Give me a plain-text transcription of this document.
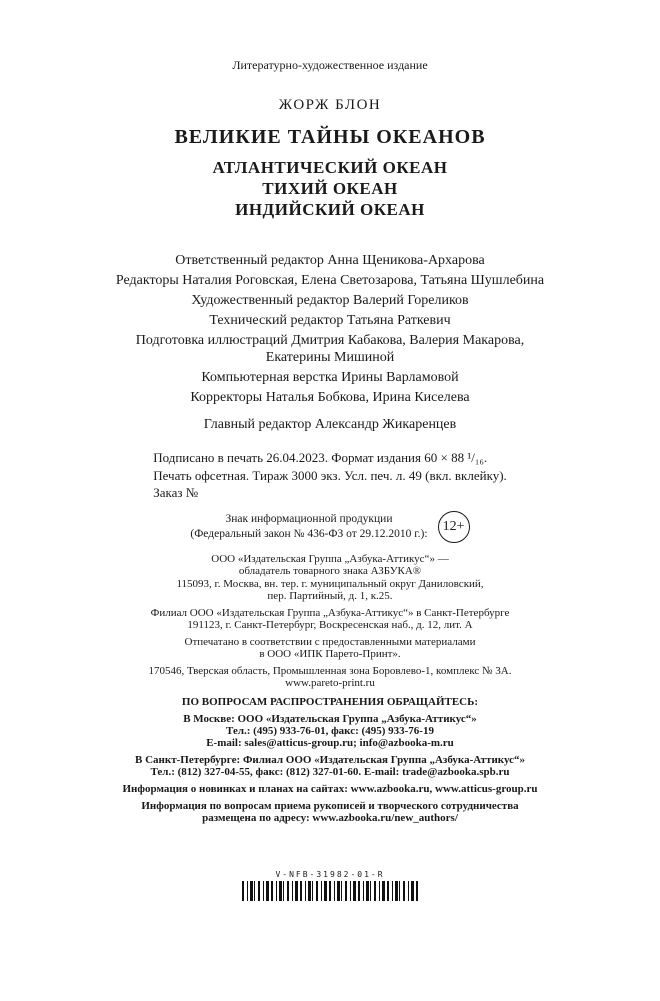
Литературно-художественное издание
ЖОРЖ БЛОН
ВЕЛИКИЕ ТАЙНЫ ОКЕАНОВ
АТЛАНТИЧЕСКИЙ ОКЕАН
ТИХИЙ ОКЕАН
ИНДИЙСКИЙ ОКЕАН
Ответственный редактор Анна Щеникова-Архарова
Редакторы Наталия Роговская, Елена Светозарова, Татьяна Шушлебина
Художественный редактор Валерий Гореликов
Технический редактор Татьяна Раткевич
Подготовка иллюстраций Дмитрия Кабакова, Валерия Макарова, Екатерины Мишиной
Компьютерная верстка Ирины Варламовой
Корректоры Наталья Бобкова, Ирина Киселева
Главный редактор Александр Жикаренцев
Подписано в печать 26.04.2023. Формат издания 60 × 88 ¹/₁₆.
Печать офсетная. Тираж 3000 экз. Усл. печ. л. 49 (вкл. вклейку).
Заказ №
Знак информационной продукции
(Федеральный закон № 436-ФЗ от 29.12.2010 г.):	12+
ООО «Издательская Группа „Азбука-Аттикус“» —
обладатель товарного знака АЗБУКА®
115093, г. Москва, вн. тер. г. муниципальный округ Даниловский,
пер. Партийный, д. 1, к.25.
Филиал ООО «Издательская Группа „Азбука-Аттикус“» в Санкт-Петербурге
191123, г. Санкт-Петербург, Воскресенская наб., д. 12, лит. А
Отпечатано в соответствии с предоставленными материалами
в ООО «ИПК Парето-Принт».
170546, Тверская область, Промышленная зона Боровлево-1, комплекс № 3А.
www.pareto-print.ru
ПО ВОПРОСАМ РАСПРОСТРАНЕНИЯ ОБРАЩАЙТЕСЬ:
В Москве: ООО «Издательская Группа „Азбука-Аттикус“»
Тел.: (495) 933-76-01, факс: (495) 933-76-19
E-mail: sales@atticus-group.ru; info@azbooka-m.ru
В Санкт-Петербурге: Филиал ООО «Издательская Группа „Азбука-Аттикус“»
Тел.: (812) 327-04-55, факс: (812) 327-01-60. E-mail: trade@azbooka.spb.ru
Информация о новинках и планах на сайтах: www.azbooka.ru, www.atticus-group.ru
Информация по вопросам приема рукописей и творческого сотрудничества
размещена по адресу: www.azbooka.ru/new_authors/
V-NFB-31982-01-R
